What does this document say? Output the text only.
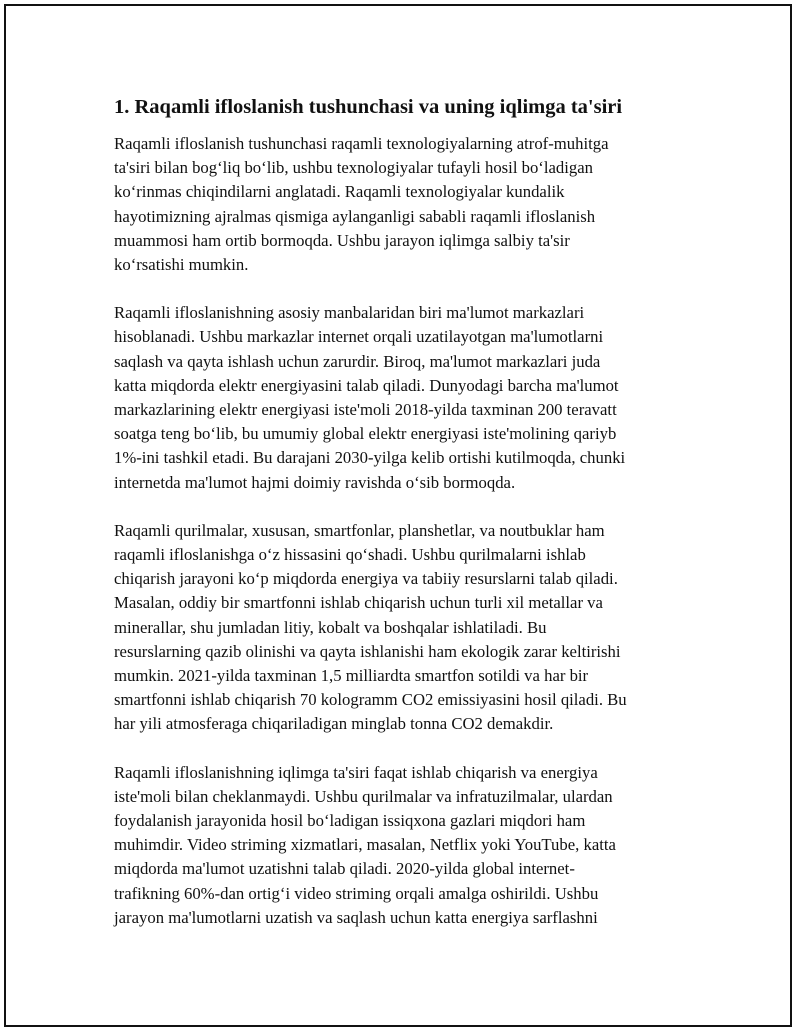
1. Raqamli ifloslanish tushunchasi va uning iqlimga ta'siri

Raqamli ifloslanish tushunchasi raqamli texnologiyalarning atrof-muhitga
ta'siri bilan bog‘liq bo‘lib, ushbu texnologiyalar tufayli hosil bo‘ladigan
ko‘rinmas chiqindilarni anglatadi. Raqamli texnologiyalar kundalik
hayotimizning ajralmas qismiga aylanganligi sababli raqamli ifloslanish
muammosi ham ortib bormoqda. Ushbu jarayon iqlimga salbiy ta'sir
ko‘rsatishi mumkin.

Raqamli ifloslanishning asosiy manbalaridan biri ma'lumot markazlari
hisoblanadi. Ushbu markazlar internet orqali uzatilayotgan ma'lumotlarni
saqlash va qayta ishlash uchun zarurdir. Biroq, ma'lumot markazlari juda
katta miqdorda elektr energiyasini talab qiladi. Dunyodagi barcha ma'lumot
markazlarining elektr energiyasi iste'moli 2018-yilda taxminan 200 teravatt
soatga teng bo‘lib, bu umumiy global elektr energiyasi iste'molining qariyb
1%-ini tashkil etadi. Bu darajani 2030-yilga kelib ortishi kutilmoqda, chunki
internetda ma'lumot hajmi doimiy ravishda o‘sib bormoqda.

Raqamli qurilmalar, xususan, smartfonlar, planshetlar, va noutbuklar ham
raqamli ifloslanishga o‘z hissasini qo‘shadi. Ushbu qurilmalarni ishlab
chiqarish jarayoni ko‘p miqdorda energiya va tabiiy resurslarni talab qiladi.
Masalan, oddiy bir smartfonni ishlab chiqarish uchun turli xil metallar va
minerallar, shu jumladan litiy, kobalt va boshqalar ishlatiladi. Bu
resurslarning qazib olinishi va qayta ishlanishi ham ekologik zarar keltirishi
mumkin. 2021-yilda taxminan 1,5 milliardta smartfon sotildi va har bir
smartfonni ishlab chiqarish 70 kologramm CO2 emissiyasini hosil qiladi. Bu
har yili atmosferaga chiqariladigan minglab tonna CO2 demakdir.

Raqamli ifloslanishning iqlimga ta'siri faqat ishlab chiqarish va energiya
iste'moli bilan cheklanmaydi. Ushbu qurilmalar va infratuzilmalar, ulardan
foydalanish jarayonida hosil bo‘ladigan issiqxona gazlari miqdori ham
muhimdir. Video striming xizmatlari, masalan, Netflix yoki YouTube, katta
miqdorda ma'lumot uzatishni talab qiladi. 2020-yilda global internet-
trafikning 60%-dan ortig‘i video striming orqali amalga oshirildi. Ushbu
jarayon ma'lumotlarni uzatish va saqlash uchun katta energiya sarflashni
